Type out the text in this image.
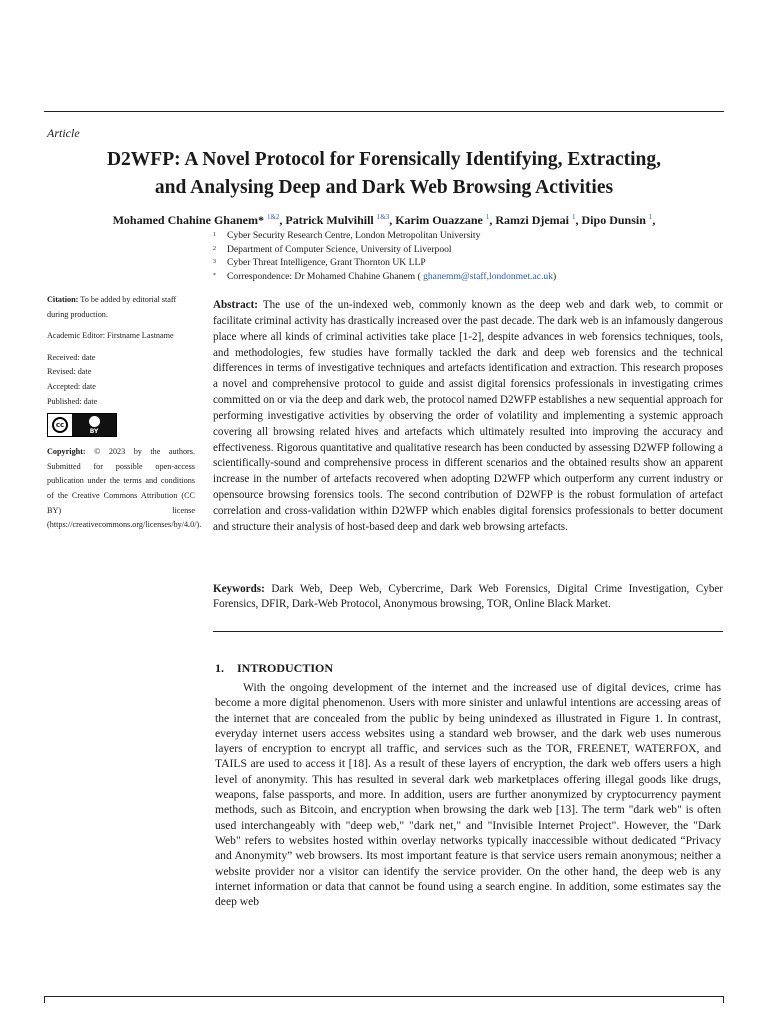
Article
D2WFP: A Novel Protocol for Forensically Identifying, Extracting,
and Analysing Deep and Dark Web Browsing Activities
Mohamed Chahine Ghanem* $^{1\&2}$, Patrick Mulvihill $^{1\&3}$, Karim Ouazzane $^1$, Ramzi Djemai $^1$, Dipo Dunsin $^1$,
1	Cyber Security Research Centre, London Metropolitan University
2	Department of Computer Science, University of Liverpool
3	Cyber Threat Intelligence, Grant Thornton UK LLP
*	Correspondence: Dr Mohamed Chahine Ghanem ( ghanemm@staff,londonmet.ac.uk)
Citation: To be added by editorial staff during production.
Academic Editor: Firstname Lastname
Received: date
Revised: date
Accepted: date
Published: date
cc
BY
Copyright: © 2023 by the authors. Submitted for possible open-access publication under the terms and conditions of the Creative Commons Attribution (CC BY) license (https://creativecommons.org/licenses/by/4.0/).
Abstract: The use of the un-indexed web, commonly known as the deep web and dark web, to commit or facilitate criminal activity has drastically increased over the past decade. The dark web is an infamously dangerous place where all kinds of criminal activities take place [1-2], despite advances in web forensics techniques, tools, and methodologies, few studies have formally tackled the dark and deep web forensics and the technical differences in terms of investigative techniques and artefacts identification and extraction. This research proposes a novel and comprehensive protocol to guide and assist digital forensics professionals in investigating crimes committed on or via the deep and dark web, the protocol named D2WFP establishes a new sequential approach for performing investigative activities by observing the order of volatility and implementing a systemic approach covering all browsing related hives and artefacts which ultimately resulted into improving the accuracy and effectiveness. Rigorous quantitative and qualitative research has been conducted by assessing D2WFP following a scientifically-sound and comprehensive process in different scenarios and the obtained results show an apparent increase in the number of artefacts recovered when adopting D2WFP which outperform any current industry or opensource browsing forensics tools. The second contribution of D2WFP is the robust formulation of artefact correlation and cross-validation within D2WFP which enables digital forensics professionals to better document and structure their analysis of host-based deep and dark web browsing artefacts.
Keywords: Dark Web, Deep Web, Cybercrime, Dark Web Forensics, Digital Crime Investigation, Cyber Forensics, DFIR, Dark-Web Protocol, Anonymous browsing, TOR, Online Black Market.
1. INTRODUCTION
With the ongoing development of the internet and the increased use of digital devices, crime has become a more digital phenomenon. Users with more sinister and unlawful intentions are accessing areas of the internet that are concealed from the public by being unindexed as illustrated in Figure 1. In contrast, everyday internet users access websites using a standard web browser, and the dark web uses numerous layers of encryption to encrypt all traffic, and services such as the TOR, FREENET, WATERFOX, and TAILS are used to access it [18]. As a result of these layers of encryption, the dark web offers users a high level of anonymity. This has resulted in several dark web marketplaces offering illegal goods like drugs, weapons, false passports, and more. In addition, users are further anonymized by cryptocurrency payment methods, such as Bitcoin, and encryption when browsing the dark web [13]. The term "dark web" is often used interchangeably with "deep web," "dark net," and "Invisible Internet Project". However, the "Dark Web" refers to websites hosted within overlay networks typically inaccessible without dedicated “Privacy and Anonymity” web browsers. Its most important feature is that service users remain anonymous; neither a website provider nor a visitor can identify the service provider. On the other hand, the deep web is any internet information or data that cannot be found using a search engine. In addition, some estimates say the deep web
